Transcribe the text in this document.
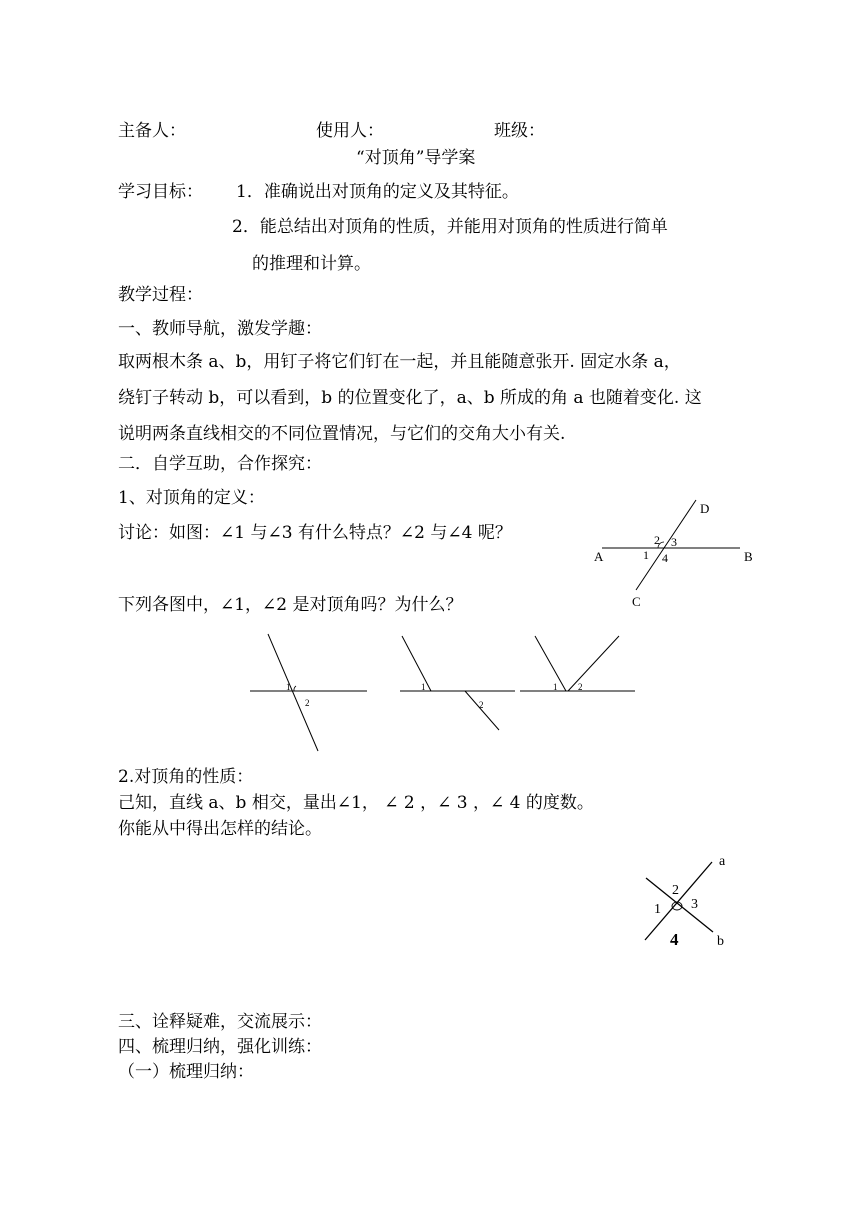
主备人：	使用人：	班级：
“对顶角”导学案
学习目标： 1．准确说出对顶角的定义及其特征。
2．能总结出对顶角的性质，并能用对顶角的性质进行简单
的推理和计算。
教学过程：
一、教师导航，激发学趣：
取两根木条 a、b，用钉子将它们钉在一起，并且能随意张开. 固定水条 a，
绕钉子转动 b，可以看到，b 的位置变化了，a、b 所成的角 a 也随着变化. 这
说明两条直线相交的不同位置情况，与它们的交角大小有关.
二．自学互助，合作探究：
1、对顶角的定义：
讨论：如图：∠1 与∠3 有什么特点？∠2 与∠4 呢？
下列各图中，∠1，∠2 是对顶角吗？为什么？
A	B
C
D
1
2 3
4
1
2
1
2
1 2
2.对顶角的性质：
己知，直线 a、b 相交，量出∠1， ∠ 2 ，∠ 3 ，∠ 4 的度数。
你能从中得出怎样的结论。
a
b
1
2
3
4
三、诠释疑难，交流展示：
四、梳理归纳，强化训练：
（一）梳理归纳：
